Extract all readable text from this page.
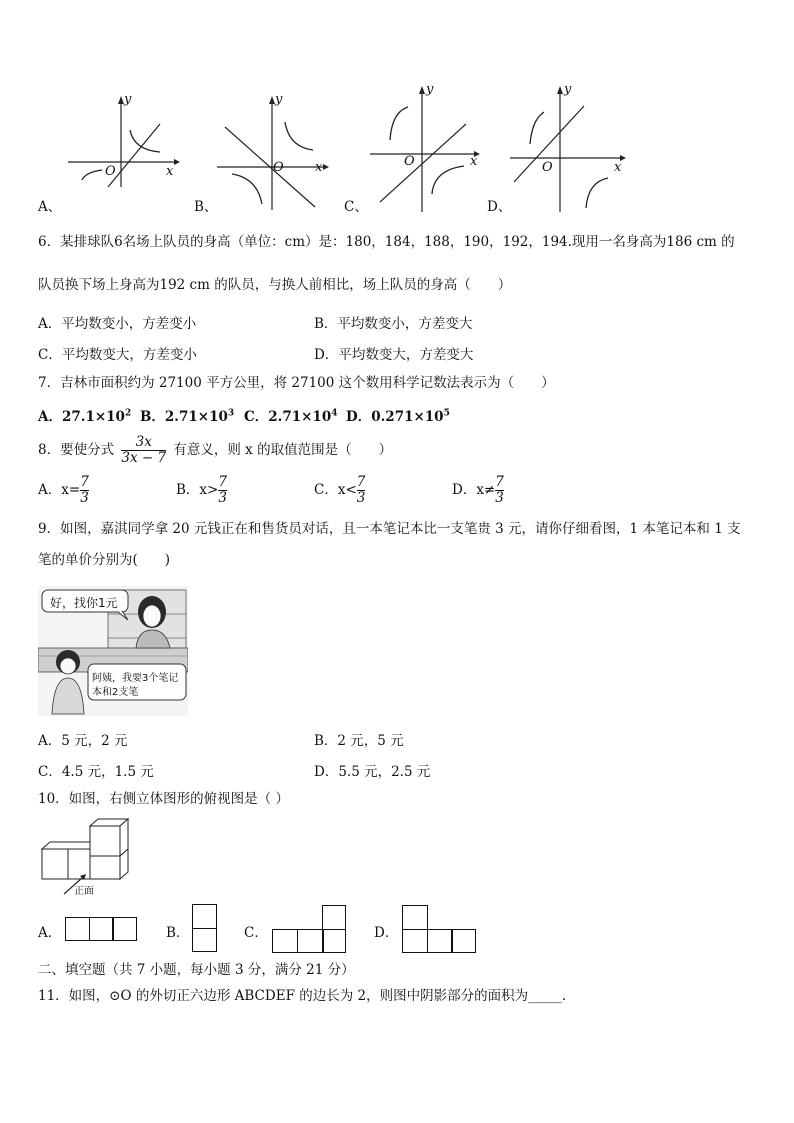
y
x
O
A、
y
x
O
B、
y
x
O
C、
y
x
O
D、
6．某排球队6名场上队员的身高（单位：cm）是：180，184，188，190，192，194.现用一名身高为186 cm 的
队员换下场上身高为192 cm 的队员，与换人前相比，场上队员的身高（　　）
A．平均数变小，方差变小	B．平均数变小，方差变大
C．平均数变大，方差变小	D．平均数变大，方差变大
7．吉林市面积约为 27100 平方公里，将 27100 这个数用科学记数法表示为（　　）
A．$27.1\times 10^2$ B．$2.71\times 10^3$ C．$2.71\times 10^4$ D．$0.271\times 10^5$
8．要使分式 $\frac{3x}{3x - 7}$ 有意义，则 x 的取值范围是（　　）
A．$x= \frac{7}{3}$	B．$x> \frac{7}{3}$	C．$x< \frac{7}{3}$	D．$x\ne \frac{7}{3}$
9．如图，嘉淇同学拿 20 元钱正在和售货员对话，且一本笔记本比一支笔贵 3 元，请你仔细看图，1 本笔记本和 1 支
笔的单价分别为(　　)
好，找你1元
阿姨，我要3个笔记
本和2支笔
A．5 元，2 元	B．2 元，5 元
C．4.5 元，1.5 元	D．5.5 元，2.5 元
10．如图，右侧立体图形的俯视图是（ ）
正面
A．	B．	C．	D．
二、填空题（共 7 小题，每小题 3 分，满分 21 分）
11．如图，⊙O 的外切正六边形 ABCDEF 的边长为 2，则图中阴影部分的面积为_____.
